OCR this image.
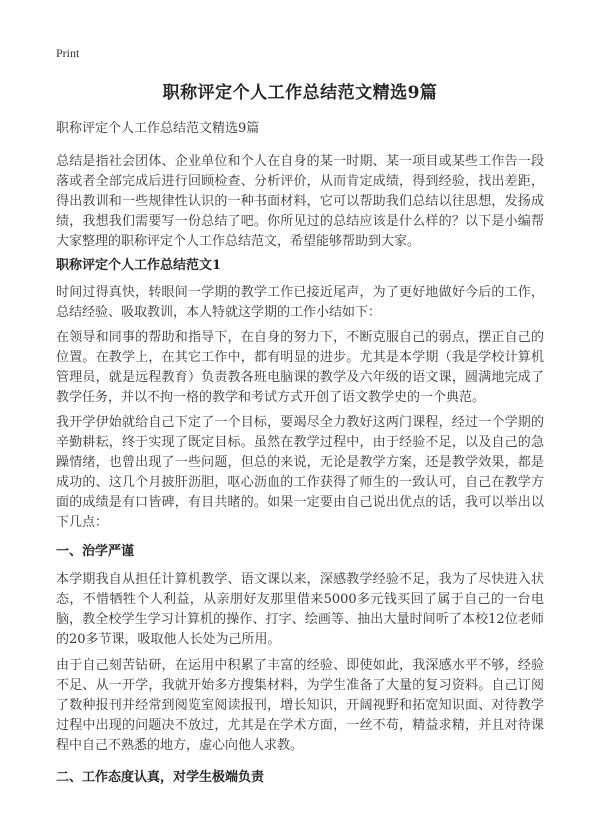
Print
职称评定个人工作总结范文精选9篇

职称评定个人工作总结范文精选9篇

总结是指社会团体、企业单位和个人在自身的某一时期、某一项目或某些工作告一段落或者全部完成后进行回顾检查、分析评价，从而肯定成绩，得到经验，找出差距，得出教训和一些规律性认识的一种书面材料，它可以帮助我们总结以往思想，发扬成绩，我想我们需要写一份总结了吧。你所见过的总结应该是什么样的？以下是小编帮大家整理的职称评定个人工作总结范文，希望能够帮助到大家。

职称评定个人工作总结范文1

时间过得真快，转眼间一学期的教学工作已接近尾声，为了更好地做好今后的工作，总结经验、吸取教训，本人特就这学期的工作小结如下：

在领导和同事的帮助和指导下，在自身的努力下，不断克服自己的弱点，摆正自己的位置。在教学上，在其它工作中，都有明显的进步。尤其是本学期（我是学校计算机管理员，就是远程教育）负责教各班电脑课的教学及六年级的语文课，圆满地完成了教学任务，并以不拘一格的教学和考试方式开创了语文教学史的一个典范。

我开学伊始就给自己下定了一个目标，要竭尽全力教好这两门课程，经过一个学期的辛勤耕耘，终于实现了既定目标。虽然在教学过程中，由于经验不足，以及自己的急躁情绪，也曾出现了一些问题，但总的来说，无论是教学方案，还是教学效果，都是成功的、这几个月披肝沥胆，呕心沥血的工作获得了师生的一致认可，自己在教学方面的成绩是有口皆碑，有目共睹的。如果一定要由自己说出优点的话，我可以举出以下几点：

一、治学严谨

本学期我自从担任计算机教学、语文课以来，深感教学经验不足，我为了尽快进入状态，不惜牺牲个人利益，从亲朋好友那里借来5000多元钱买回了属于自己的一台电脑，教全校学生学习计算机的操作、打字、绘画等、抽出大量时间听了本校12位老师的20多节课，吸取他人长处为己所用。

由于自己刻苦钻研，在运用中积累了丰富的经验、即使如此，我深感水平不够，经验不足、从一开学，我就开始多方搜集材料，为学生准备了大量的复习资料。自己订阅了数种报刊并经常到阅览室阅读报刊，增长知识，开阔视野和拓宽知识面、对待教学过程中出现的问题决不放过，尤其是在学术方面，一丝不苟，精益求精，并且对待课程中自己不熟悉的地方，虚心向他人求教。

二、工作态度认真，对学生极端负责
